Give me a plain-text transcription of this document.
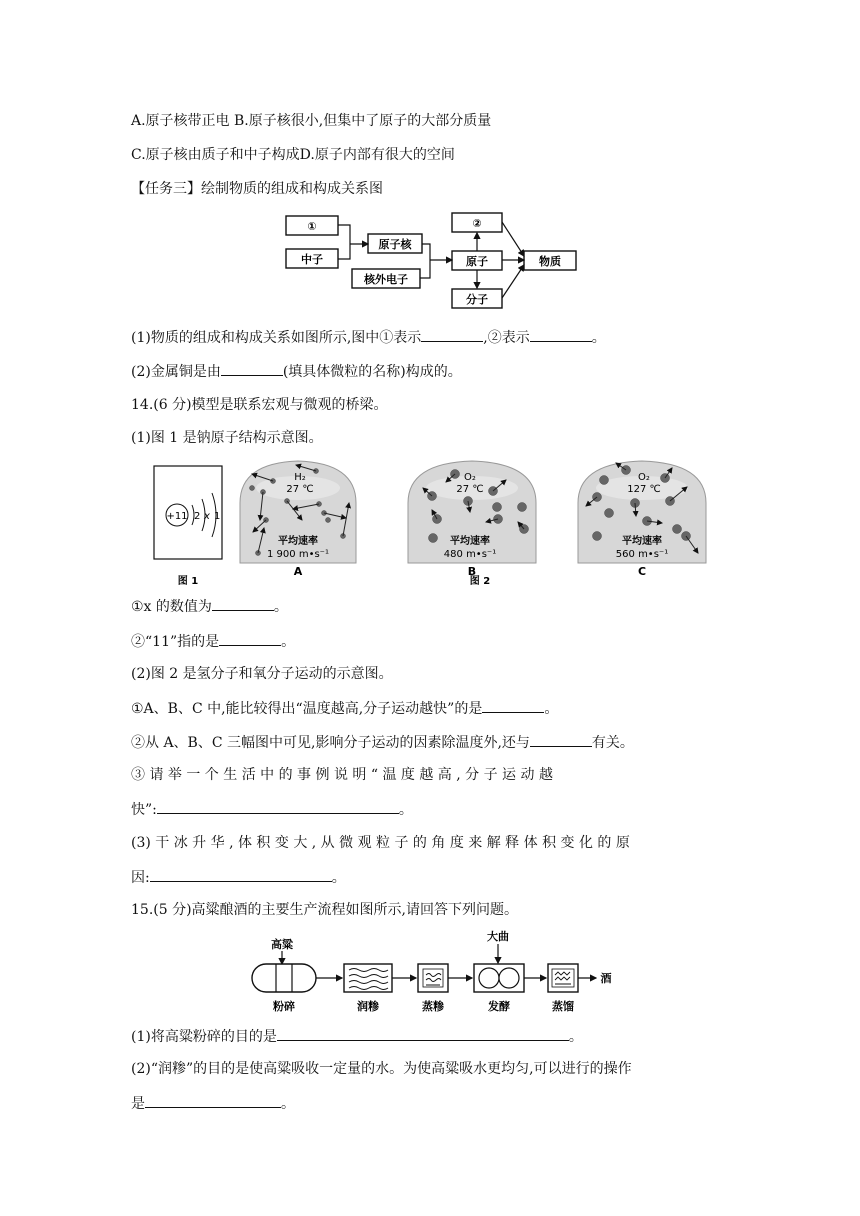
A.原子核带正电 B.原子核很小,但集中了原子的大部分质量
C.原子核由质子和中子构成D.原子内部有很大的空间
【任务三】绘制物质的组成和构成关系图
①
中子
原子核
核外电子
②
原子
分子
物质
(1)物质的组成和构成关系如图所示,图中①表示	,②表示	。
(2)金属铜是由	(填具体微粒的名称)构成的。
14.(6 分)模型是联系宏观与微观的桥梁。
(1)图 1 是钠原子结构示意图。
+11 2 x 1
图 1
H₂
27 ℃
平均速率
1 900 m•s⁻¹
A
O₂
27 ℃
平均速率
480 m•s⁻¹
B
图 2
O₂
127 ℃
平均速率
560 m•s⁻¹
C
①x 的数值为	。
②“11”指的是	。
(2)图 2 是氢分子和氧分子运动的示意图。
①A、B、C 中,能比较得出“温度越高,分子运动越快”的是	。
②从 A、B、C 三幅图中可见,影响分子运动的因素除温度外,还与	有关。
③ 请 举 一 个 生 活 中 的 事 例 说 明 “ 温 度 越 高 , 分 子 运 动 越
快”:	。
(3) 干 冰 升 华 , 体 积 变 大 , 从 微 观 粒 子 的 角 度 来 解 释 体 积 变 化 的 原
因:	。
15.(5 分)高粱酿酒的主要生产流程如图所示,请回答下列问题。
高粱
粉碎	润糁	蒸糁
大曲
发酵	蒸馏
酒
(1)将高粱粉碎的目的是	。
(2)“润糁”的目的是使高粱吸收一定量的水。为使高粱吸水更均匀,可以进行的操作
是	。
